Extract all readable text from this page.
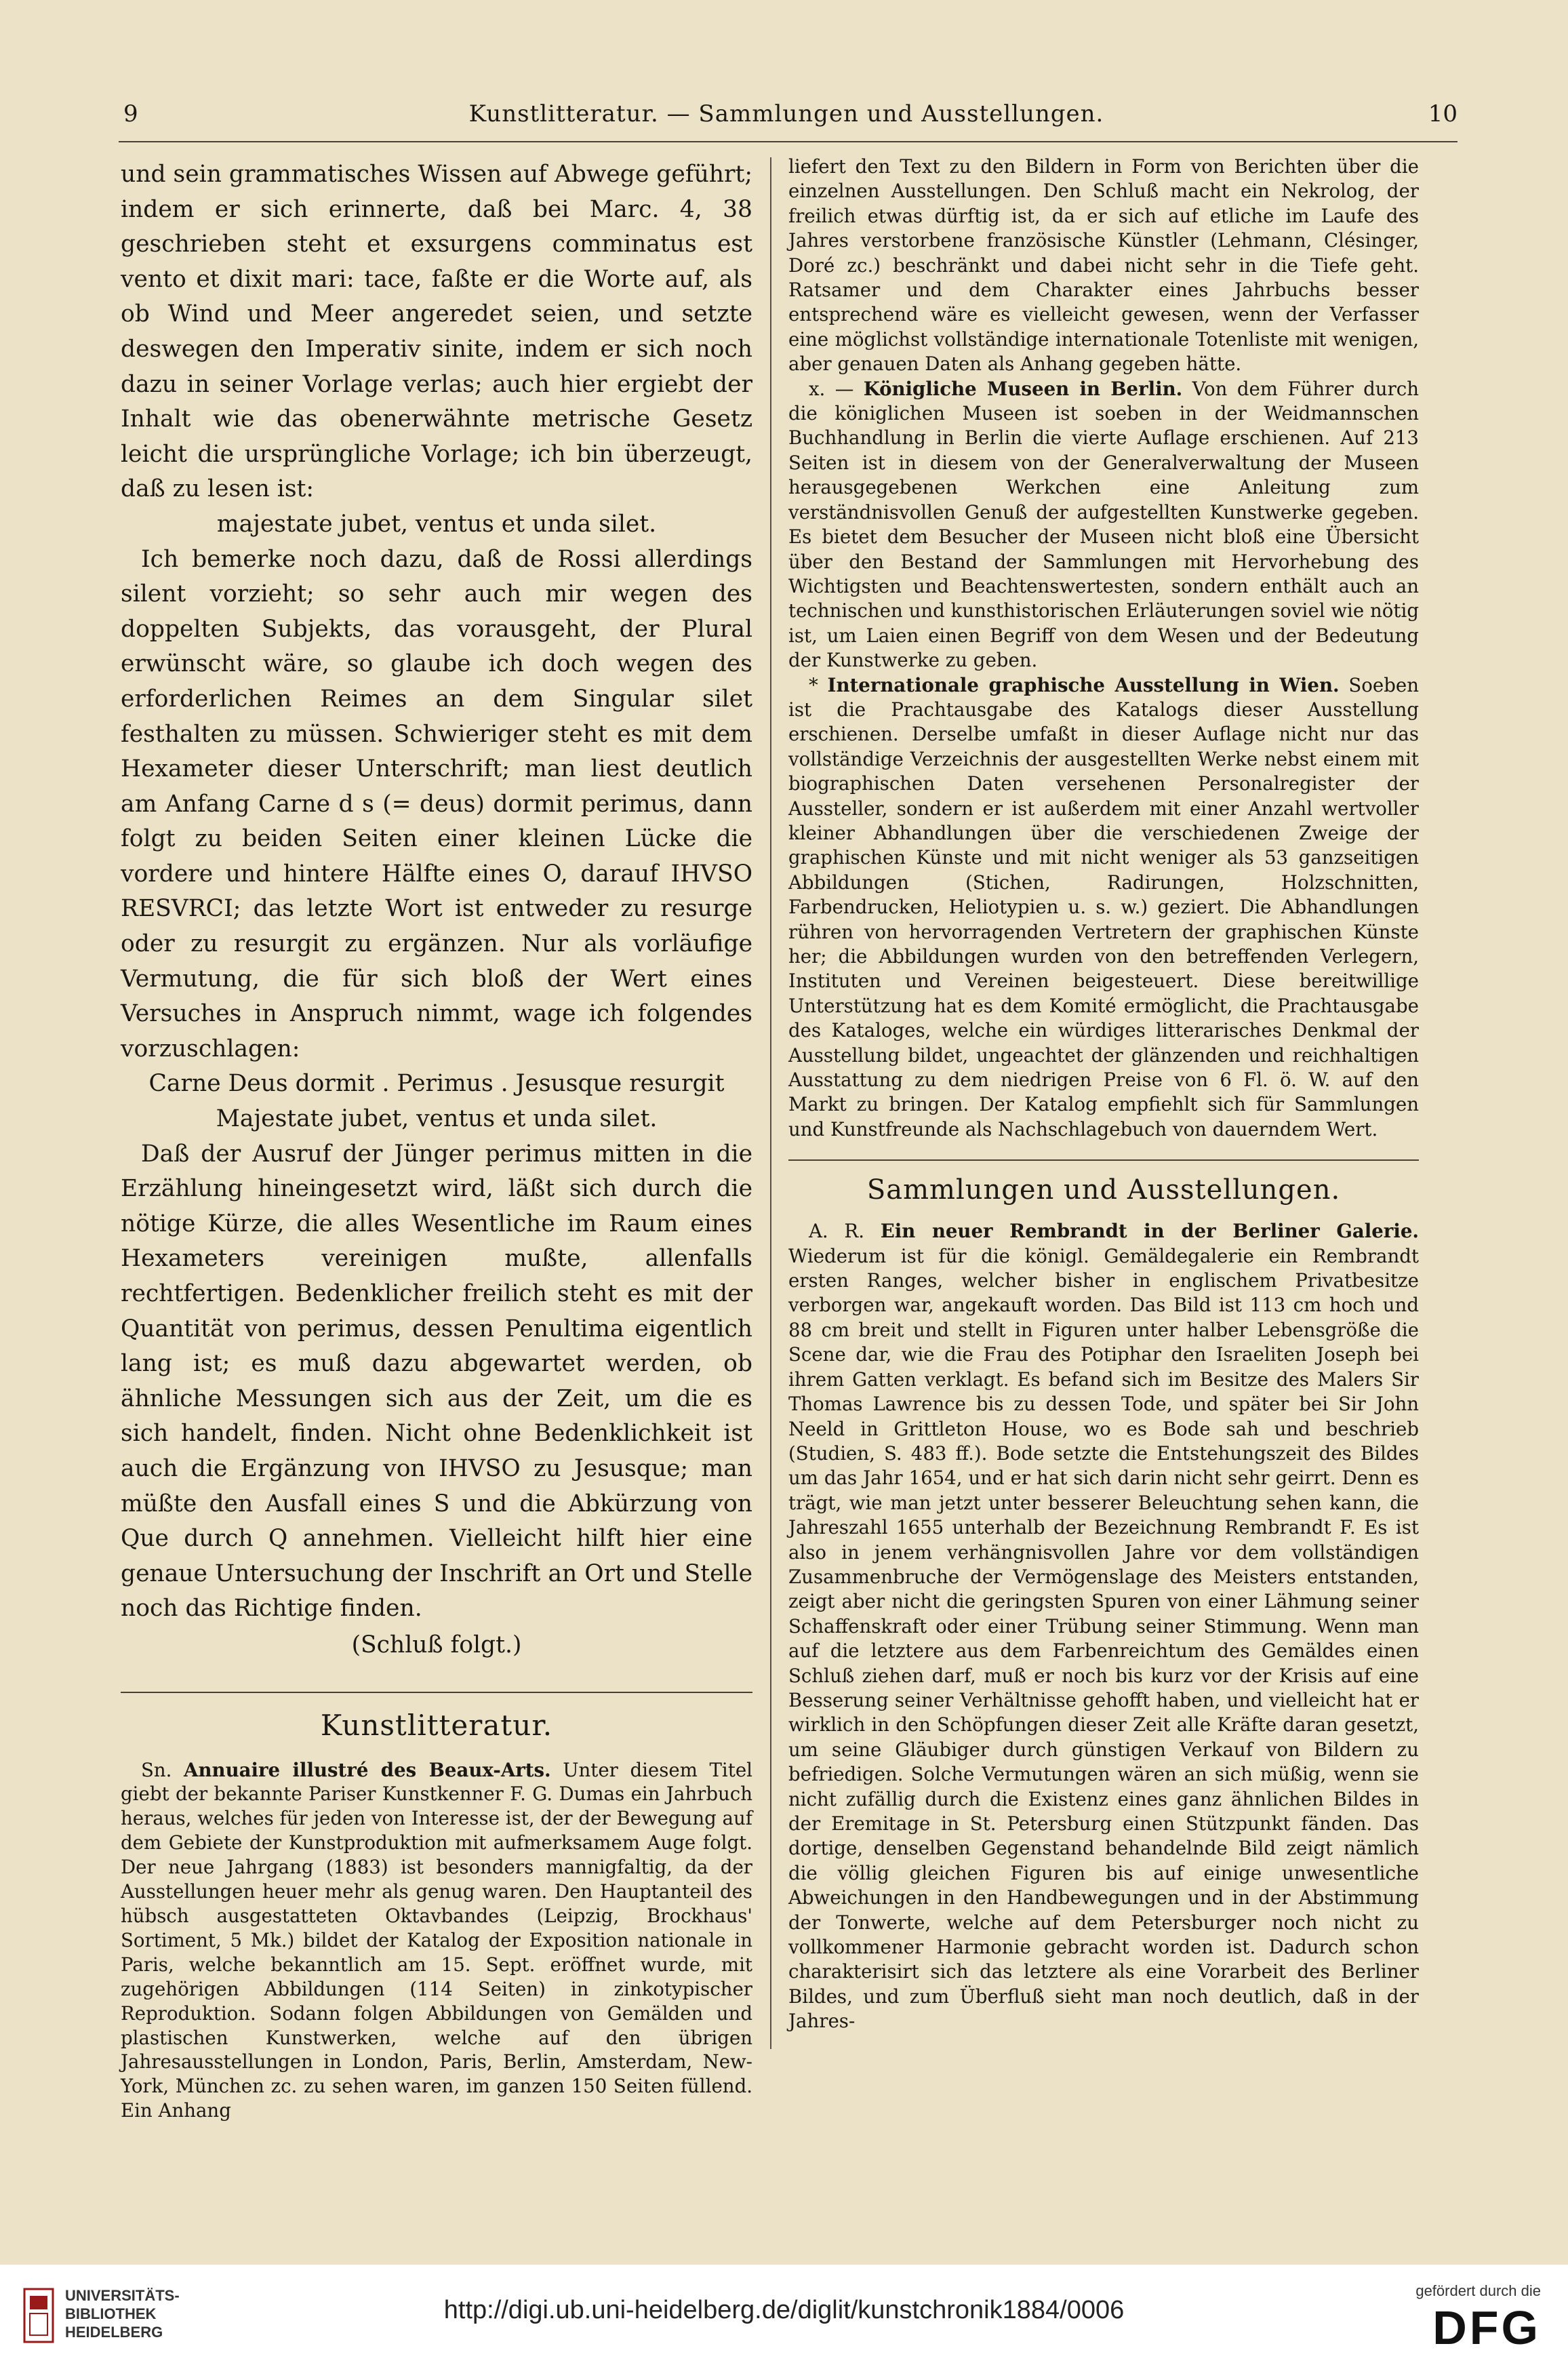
9	Kunstlitteratur. — Sammlungen und Ausstellungen.	10

und sein grammatisches Wissen auf Abwege geführt; indem er sich erinnerte, daß bei Marc. 4, 38 geschrieben steht et exsurgens comminatus est vento et dixit mari: tace, faßte er die Worte auf, als ob Wind und Meer angeredet seien, und setzte deswegen den Imperativ sinite, indem er sich noch dazu in seiner Vorlage verlas; auch hier ergiebt der Inhalt wie das obenerwähnte metrische Gesetz leicht die ursprüngliche Vorlage; ich bin überzeugt, daß zu lesen ist:

majestate jubet, ventus et unda silet.

Ich bemerke noch dazu, daß de Rossi allerdings silent vorzieht; so sehr auch mir wegen des doppelten Subjekts, das vorausgeht, der Plural erwünscht wäre, so glaube ich doch wegen des erforderlichen Reimes an dem Singular silet festhalten zu müssen. Schwieriger steht es mit dem Hexameter dieser Unterschrift; man liest deutlich am Anfang Carne d s (= deus) dormit perimus, dann folgt zu beiden Seiten einer kleinen Lücke die vordere und hintere Hälfte eines O, darauf IHVSO RESVRCI; das letzte Wort ist entweder zu resurge oder zu resurgit zu ergänzen. Nur als vorläufige Vermutung, die für sich bloß der Wert eines Versuches in Anspruch nimmt, wage ich folgendes vorzuschlagen:

Carne Deus dormit . Perimus . Jesusque resurgit

Majestate jubet, ventus et unda silet.

Daß der Ausruf der Jünger perimus mitten in die Erzählung hineingesetzt wird, läßt sich durch die nötige Kürze, die alles Wesentliche im Raum eines Hexameters vereinigen mußte, allenfalls rechtfertigen. Bedenklicher freilich steht es mit der Quantität von perimus, dessen Penultima eigentlich lang ist; es muß dazu abgewartet werden, ob ähnliche Messungen sich aus der Zeit, um die es sich handelt, finden. Nicht ohne Bedenklichkeit ist auch die Ergänzung von IHVSO zu Jesusque; man müßte den Ausfall eines S und die Abkürzung von Que durch Q annehmen. Vielleicht hilft hier eine genaue Untersuchung der Inschrift an Ort und Stelle noch das Richtige finden.

(Schluß folgt.)

Kunstlitteratur.

Sn. Annuaire illustré des Beaux-Arts. Unter diesem Titel giebt der bekannte Pariser Kunstkenner F. G. Dumas ein Jahrbuch heraus, welches für jeden von Interesse ist, der der Bewegung auf dem Gebiete der Kunstproduktion mit aufmerksamem Auge folgt. Der neue Jahrgang (1883) ist besonders mannigfaltig, da der Ausstellungen heuer mehr als genug waren. Den Hauptanteil des hübsch ausgestatteten Oktavbandes (Leipzig, Brockhaus' Sortiment, 5 Mk.) bildet der Katalog der Exposition nationale in Paris, welche bekanntlich am 15. Sept. eröffnet wurde, mit zugehörigen Abbildungen (114 Seiten) in zinkotypischer Reproduktion. Sodann folgen Abbildungen von Gemälden und plastischen Kunstwerken, welche auf den übrigen Jahresausstellungen in London, Paris, Berlin, Amsterdam, New-York, München zc. zu sehen waren, im ganzen 150 Seiten füllend. Ein Anhang

liefert den Text zu den Bildern in Form von Berichten über die einzelnen Ausstellungen. Den Schluß macht ein Nekrolog, der freilich etwas dürftig ist, da er sich auf etliche im Laufe des Jahres verstorbene französische Künstler (Lehmann, Clésinger, Doré zc.) beschränkt und dabei nicht sehr in die Tiefe geht. Ratsamer und dem Charakter eines Jahrbuchs besser entsprechend wäre es vielleicht gewesen, wenn der Verfasser eine möglichst vollständige internationale Totenliste mit wenigen, aber genauen Daten als Anhang gegeben hätte.

x. — Königliche Museen in Berlin. Von dem Führer durch die königlichen Museen ist soeben in der Weidmannschen Buchhandlung in Berlin die vierte Auflage erschienen. Auf 213 Seiten ist in diesem von der Generalverwaltung der Museen herausgegebenen Werkchen eine Anleitung zum verständnisvollen Genuß der aufgestellten Kunstwerke gegeben. Es bietet dem Besucher der Museen nicht bloß eine Übersicht über den Bestand der Sammlungen mit Hervorhebung des Wichtigsten und Beachtenswertesten, sondern enthält auch an technischen und kunsthistorischen Erläuterungen soviel wie nötig ist, um Laien einen Begriff von dem Wesen und der Bedeutung der Kunstwerke zu geben.

* Internationale graphische Ausstellung in Wien. Soeben ist die Prachtausgabe des Katalogs dieser Ausstellung erschienen. Derselbe umfaßt in dieser Auflage nicht nur das vollständige Verzeichnis der ausgestellten Werke nebst einem mit biographischen Daten versehenen Personalregister der Aussteller, sondern er ist außerdem mit einer Anzahl wertvoller kleiner Abhandlungen über die verschiedenen Zweige der graphischen Künste und mit nicht weniger als 53 ganzseitigen Abbildungen (Stichen, Radirungen, Holzschnitten, Farbendrucken, Heliotypien u. s. w.) geziert. Die Abhandlungen rühren von hervorragenden Vertretern der graphischen Künste her; die Abbildungen wurden von den betreffenden Verlegern, Instituten und Vereinen beigesteuert. Diese bereitwillige Unterstützung hat es dem Komité ermöglicht, die Prachtausgabe des Kataloges, welche ein würdiges litterarisches Denkmal der Ausstellung bildet, ungeachtet der glänzenden und reichhaltigen Ausstattung zu dem niedrigen Preise von 6 Fl. ö. W. auf den Markt zu bringen. Der Katalog empfiehlt sich für Sammlungen und Kunstfreunde als Nachschlagebuch von dauerndem Wert.

Sammlungen und Ausstellungen.

A. R. Ein neuer Rembrandt in der Berliner Galerie. Wiederum ist für die königl. Gemäldegalerie ein Rembrandt ersten Ranges, welcher bisher in englischem Privatbesitze verborgen war, angekauft worden. Das Bild ist 113 cm hoch und 88 cm breit und stellt in Figuren unter halber Lebensgröße die Scene dar, wie die Frau des Potiphar den Israeliten Joseph bei ihrem Gatten verklagt. Es befand sich im Besitze des Malers Sir Thomas Lawrence bis zu dessen Tode, und später bei Sir John Neeld in Grittleton House, wo es Bode sah und beschrieb (Studien, S. 483 ff.). Bode setzte die Entstehungszeit des Bildes um das Jahr 1654, und er hat sich darin nicht sehr geirrt. Denn es trägt, wie man jetzt unter besserer Beleuchtung sehen kann, die Jahreszahl 1655 unterhalb der Bezeichnung Rembrandt F. Es ist also in jenem verhängnisvollen Jahre vor dem vollständigen Zusammenbruche der Vermögenslage des Meisters entstanden, zeigt aber nicht die geringsten Spuren von einer Lähmung seiner Schaffenskraft oder einer Trübung seiner Stimmung. Wenn man auf die letztere aus dem Farbenreichtum des Gemäldes einen Schluß ziehen darf, muß er noch bis kurz vor der Krisis auf eine Besserung seiner Verhältnisse gehofft haben, und vielleicht hat er wirklich in den Schöpfungen dieser Zeit alle Kräfte daran gesetzt, um seine Gläubiger durch günstigen Verkauf von Bildern zu befriedigen. Solche Vermutungen wären an sich müßig, wenn sie nicht zufällig durch die Existenz eines ganz ähnlichen Bildes in der Eremitage in St. Petersburg einen Stützpunkt fänden. Das dortige, denselben Gegenstand behandelnde Bild zeigt nämlich die völlig gleichen Figuren bis auf einige unwesentliche Abweichungen in den Handbewegungen und in der Abstimmung der Tonwerte, welche auf dem Petersburger noch nicht zu vollkommener Harmonie gebracht worden ist. Dadurch schon charakterisirt sich das letztere als eine Vorarbeit des Berliner Bildes, und zum Überfluß sieht man noch deutlich, daß in der Jahres-

UNIVERSITÄTS-
BIBLIOTHEK
HEIDELBERG
http://digi.ub.uni-heidelberg.de/diglit/kunstchronik1884/0006
gefördert durch die
DFG
